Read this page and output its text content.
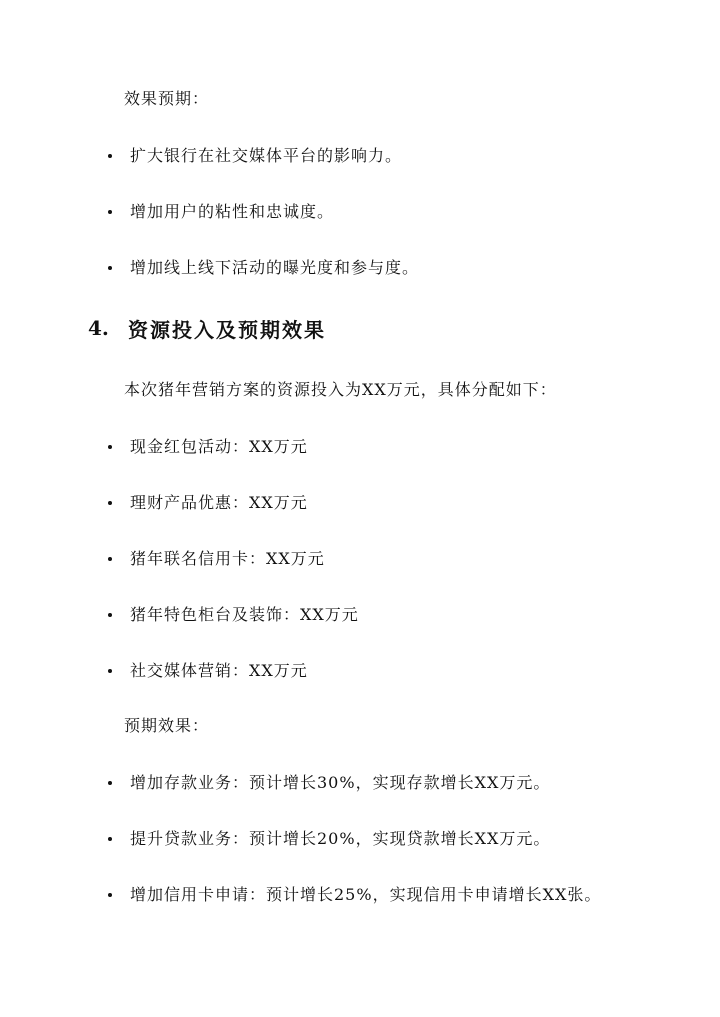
效果预期：
扩大银行在社交媒体平台的影响力。
增加用户的粘性和忠诚度。
增加线上线下活动的曝光度和参与度。
4. 资源投入及预期效果
本次猪年营销方案的资源投入为XX万元，具体分配如下：
现金红包活动：XX万元
理财产品优惠：XX万元
猪年联名信用卡：XX万元
猪年特色柜台及装饰：XX万元
社交媒体营销：XX万元
预期效果：
增加存款业务：预计增长30%，实现存款增长XX万元。
提升贷款业务：预计增长20%，实现贷款增长XX万元。
增加信用卡申请：预计增长25%，实现信用卡申请增长XX张。
